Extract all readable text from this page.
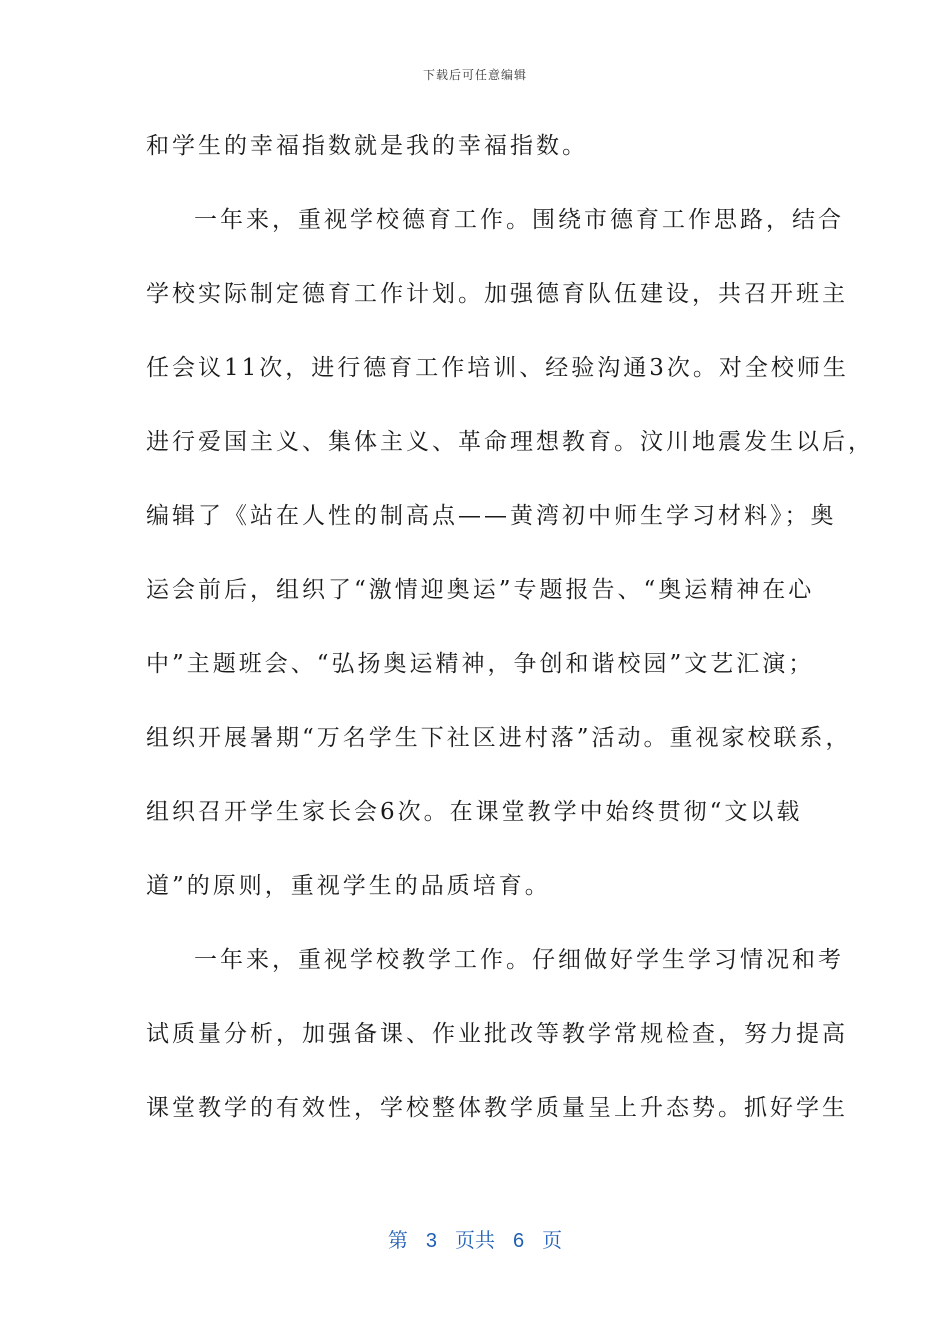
下载后可任意编辑
和学生的幸福指数就是我的幸福指数。
一年来，重视学校德育工作。围绕市德育工作思路，结合
学校实际制定德育工作计划。加强德育队伍建设，共召开班主
任会议11次，进行德育工作培训、经验沟通3次。对全校师生
进行爱国主义、集体主义、革命理想教育。汶川地震发生以后，
编辑了《站在人性的制高点——黄湾初中师生学习材料》；奥
运会前后，组织了“激情迎奥运”专题报告、“奥运精神在心
中”主题班会、“弘扬奥运精神，争创和谐校园”文艺汇演；
组织开展暑期“万名学生下社区进村落”活动。重视家校联系，
组织召开学生家长会6次。在课堂教学中始终贯彻“文以载
道”的原则，重视学生的品质培育。
一年来，重视学校教学工作。仔细做好学生学习情况和考
试质量分析，加强备课、作业批改等教学常规检查，努力提高
课堂教学的有效性，学校整体教学质量呈上升态势。抓好学生
第 3 页共 6 页
